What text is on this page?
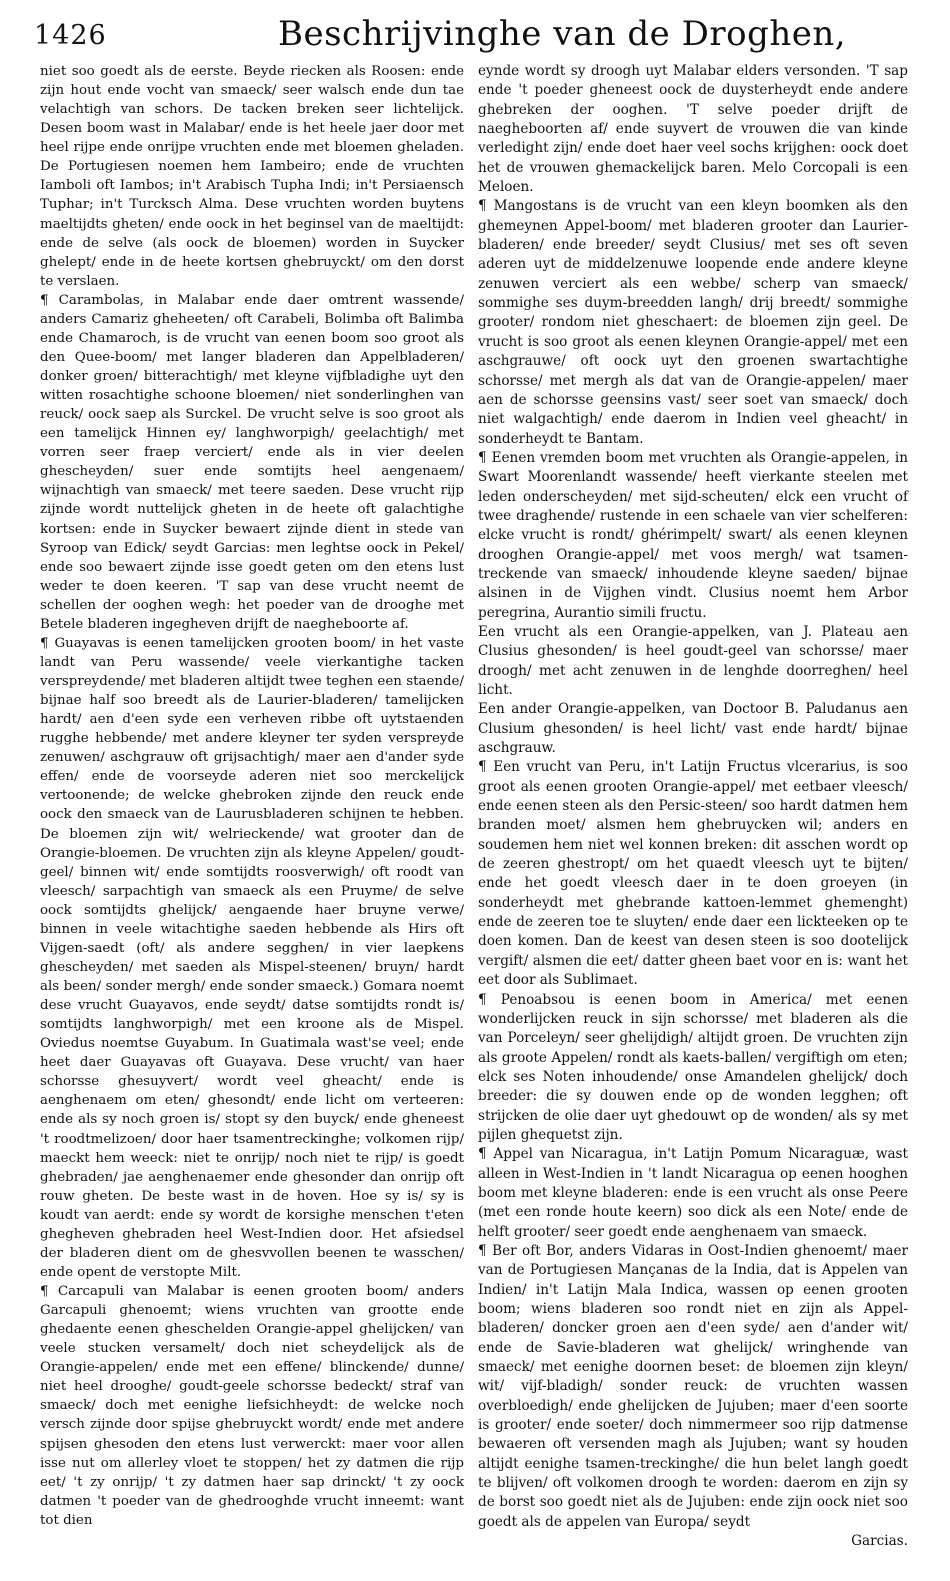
1426	Beschrijvinghe van de Droghen,

niet soo goedt als de eerste. Beyde riecken als Roosen: ende zijn hout ende vocht van smaeck/ seer walsch ende dun tae velachtigh van schors. De tacken breken seer lichtelijck. Desen boom wast in Malabar/ ende is het heele jaer door met heel rijpe ende onrijpe vruchten ende met bloemen gheladen. De Portugiesen noemen hem Iambeiro; ende de vruchten Iamboli oft Iambos; in't Arabisch Tupha Indi; in't Persiaensch Tuphar; in't Turcksch Alma. Dese vruchten worden buytens maeltijdts gheten/ ende oock in het beginsel van de maeltijdt: ende de selve (als oock de bloemen) worden in Suycker ghelept/ ende in de heete kortsen ghebruyckt/ om den dorst te verslaen.

¶ Carambolas, in Malabar ende daer omtrent wassende/ anders Camariz gheheeten/ oft Carabeli, Bolimba oft Balimba ende Chamaroch, is de vrucht van eenen boom soo groot als den Quee-boom/ met langer bladeren dan Appelbladeren/ donker groen/ bitterachtigh/ met kleyne vijfbladighe uyt den witten rosachtighe schoone bloemen/ niet sonderlinghen van reuck/ oock saep als Surckel. De vrucht selve is soo groot als een tamelijck Hinnen ey/ langhworpigh/ geelachtigh/ met vorren seer fraep verciert/ ende als in vier deelen ghescheyden/ suer ende somtijts heel aengenaem/ wijnachtigh van smaeck/ met teere saeden. Dese vrucht rijp zijnde wordt nuttelijck gheten in de heete oft galachtighe kortsen: ende in Suycker bewaert zijnde dient in stede van Syroop van Edick/ seydt Garcias: men leghtse oock in Pekel/ ende soo bewaert zijnde isse goedt geten om den etens lust weder te doen keeren. 'T sap van dese vrucht neemt de schellen der ooghen wegh: het poeder van de drooghe met Betele bladeren ingegheven drijft de naegheboorte af.

¶ Guayavas is eenen tamelijcken grooten boom/ in het vaste landt van Peru wassende/ veele vierkantighe tacken verspreydende/ met bladeren altijdt twee teghen een staende/ bijnae half soo breedt als de Laurier-bladeren/ tamelijcken hardt/ aen d'een syde een verheven ribbe oft uytstaenden rugghe hebbende/ met andere kleyner ter syden verspreyde zenuwen/ aschgrauw oft grijsachtigh/ maer aen d'ander syde effen/ ende de voorseyde aderen niet soo merckelijck vertoonende; de welcke ghebroken zijnde den reuck ende oock den smaeck van de Laurusbladeren schijnen te hebben. De bloemen zijn wit/ welrieckende/ wat grooter dan de Orangie-bloemen. De vruchten zijn als kleyne Appelen/ goudt-geel/ binnen wit/ ende somtijdts roosverwigh/ oft roodt van vleesch/ sarpachtigh van smaeck als een Pruyme/ de selve oock somtijdts ghelijck/ aengaende haer bruyne verwe/ binnen in veele witachtighe saeden hebbende als Hirs oft Vijgen-saedt (oft/ als andere segghen/ in vier laepkens ghescheyden/ met saeden als Mispel-steenen/ bruyn/ hardt als been/ sonder mergh/ ende sonder smaeck.) Gomara noemt dese vrucht Guayavos, ende seydt/ datse somtijdts rondt is/ somtijdts langhworpigh/ met een kroone als de Mispel. Oviedus noemtse Guyabum. In Guatimala wast'se veel; ende heet daer Guayavas oft Guayava. Dese vrucht/ van haer schorsse ghesuyvert/ wordt veel gheacht/ ende is aenghenaem om eten/ ghesondt/ ende licht om verteeren: ende als sy noch groen is/ stopt sy den buyck/ ende gheneest 't roodtmelizoen/ door haer tsamentreckinghe; volkomen rijp/ maeckt hem weeck: niet te onrijp/ noch niet te rijp/ is goedt ghebraden/ jae aenghenaemer ende ghesonder dan onrijp oft rouw gheten. De beste wast in de hoven. Hoe sy is/ sy is koudt van aerdt: ende sy wordt de korsighe menschen t'eten ghegheven ghebraden heel West-Indien door. Het afsiedsel der bladeren dient om de ghesvvollen beenen te wasschen/ ende opent de verstopte Milt.

¶ Carcapuli van Malabar is eenen grooten boom/ anders Garcapuli ghenoemt; wiens vruchten van grootte ende ghedaente eenen gheschelden Orangie-appel ghelijcken/ van veele stucken versamelt/ doch niet scheydelijck als de Orangie-appelen/ ende met een effene/ blinckende/ dunne/ niet heel drooghe/ goudt-geele schorsse bedeckt/ straf van smaeck/ doch met eenighe liefsichheydt: de welcke noch versch zijnde door spijse ghebruyckt wordt/ ende met andere spijsen ghesoden den etens lust verwerckt: maer voor allen isse nut om allerley vloet te stoppen/ het zy datmen die rijp eet/ 't zy onrijp/ 't zy datmen haer sap drinckt/ 't zy oock datmen 't poeder van de ghedrooghde vrucht inneemt: want tot dien

eynde wordt sy droogh uyt Malabar elders versonden. 'T sap ende 't poeder gheneest oock de duysterheydt ende andere ghebreken der ooghen. 'T selve poeder drijft de naegheboorten af/ ende suyvert de vrouwen die van kinde verledight zijn/ ende doet haer veel sochs krijghen: oock doet het de vrouwen ghemackelijck baren. Melo Corcopali is een Meloen.

¶ Mangostans is de vrucht van een kleyn boomken als den ghemeynen Appel-boom/ met bladeren grooter dan Laurier-bladeren/ ende breeder/ seydt Clusius/ met ses oft seven aderen uyt de middelzenuwe loopende ende andere kleyne zenuwen verciert als een webbe/ scherp van smaeck/ sommighe ses duym-breedden langh/ drij breedt/ sommighe grooter/ rondom niet gheschaert: de bloemen zijn geel. De vrucht is soo groot als eenen kleynen Orangie-appel/ met een aschgrauwe/ oft oock uyt den groenen swartachtighe schorsse/ met mergh als dat van de Orangie-appelen/ maer aen de schorsse geensins vast/ seer soet van smaeck/ doch niet walgachtigh/ ende daerom in Indien veel gheacht/ in sonderheydt te Bantam.

¶ Eenen vremden boom met vruchten als Orangie-appelen, in Swart Moorenlandt wassende/ heeft vierkante steelen met leden onderscheyden/ met sijd-scheuten/ elck een vrucht of twee draghende/ rustende in een schaele van vier schelferen: elcke vrucht is rondt/ ghérimpelt/ swart/ als eenen kleynen drooghen Orangie-appel/ met voos mergh/ wat tsamen-treckende van smaeck/ inhoudende kleyne saeden/ bijnae alsinen in de Vijghen vindt. Clusius noemt hem Arbor peregrina, Aurantio simili fructu.

Een vrucht als een Orangie-appelken, van J. Plateau aen Clusius ghesonden/ is heel goudt-geel van schorsse/ maer droogh/ met acht zenuwen in de lenghde doorreghen/ heel licht.

Een ander Orangie-appelken, van Doctoor B. Paludanus aen Clusium ghesonden/ is heel licht/ vast ende hardt/ bijnae aschgrauw.

¶ Een vrucht van Peru, in't Latijn Fructus vlcerarius, is soo groot als eenen grooten Orangie-appel/ met eetbaer vleesch/ ende eenen steen als den Persic-steen/ soo hardt datmen hem branden moet/ alsmen hem ghebruycken wil; anders en soudemen hem niet wel konnen breken: dit asschen wordt op de zeeren ghestropt/ om het quaedt vleesch uyt te bijten/ ende het goedt vleesch daer in te doen groeyen (in sonderheydt met ghebrande kattoen-lemmet ghemenght) ende de zeeren toe te sluyten/ ende daer een lickteeken op te doen komen. Dan de keest van desen steen is soo dootelijck vergift/ alsmen die eet/ datter gheen baet voor en is: want het eet door als Sublimaet.

¶ Penoabsou is eenen boom in America/ met eenen wonderlijcken reuck in sijn schorsse/ met bladeren als die van Porceleyn/ seer ghelijdigh/ altijdt groen. De vruchten zijn als groote Appelen/ rondt als kaets-ballen/ vergiftigh om eten; elck ses Noten inhoudende/ onse Amandelen ghelijck/ doch breeder: die sy douwen ende op de wonden legghen; oft strijcken de olie daer uyt ghedouwt op de wonden/ als sy met pijlen ghequetst zijn.

¶ Appel van Nicaragua, in't Latijn Pomum Nicaraguæ, wast alleen in West-Indien in 't landt Nicaragua op eenen hooghen boom met kleyne bladeren: ende is een vrucht als onse Peere (met een ronde houte keern) soo dick als een Note/ ende de helft grooter/ seer goedt ende aenghenaem van smaeck.

¶ Ber oft Bor, anders Vidaras in Oost-Indien ghenoemt/ maer van de Portugiesen Mançanas de la India, dat is Appelen van Indien/ in't Latijn Mala Indica, wassen op eenen grooten boom; wiens bladeren soo rondt niet en zijn als Appel-bladeren/ doncker groen aen d'een syde/ aen d'ander wit/ ende de Savie-bladeren wat ghelijck/ wringhende van smaeck/ met eenighe doornen beset: de bloemen zijn kleyn/ wit/ vijf-bladigh/ sonder reuck: de vruchten wassen overbloedigh/ ende ghelijcken de Jujuben; maer d'een soorte is grooter/ ende soeter/ doch nimmermeer soo rijp datmense bewaeren oft versenden magh als Jujuben; want sy houden altijdt eenighe tsamen-treckinghe/ die hun belet langh goedt te blijven/ oft volkomen droogh te worden: daerom en zijn sy de borst soo goedt niet als de Jujuben: ende zijn oock niet soo goedt als de appelen van Europa/ seydt

Garcias.
